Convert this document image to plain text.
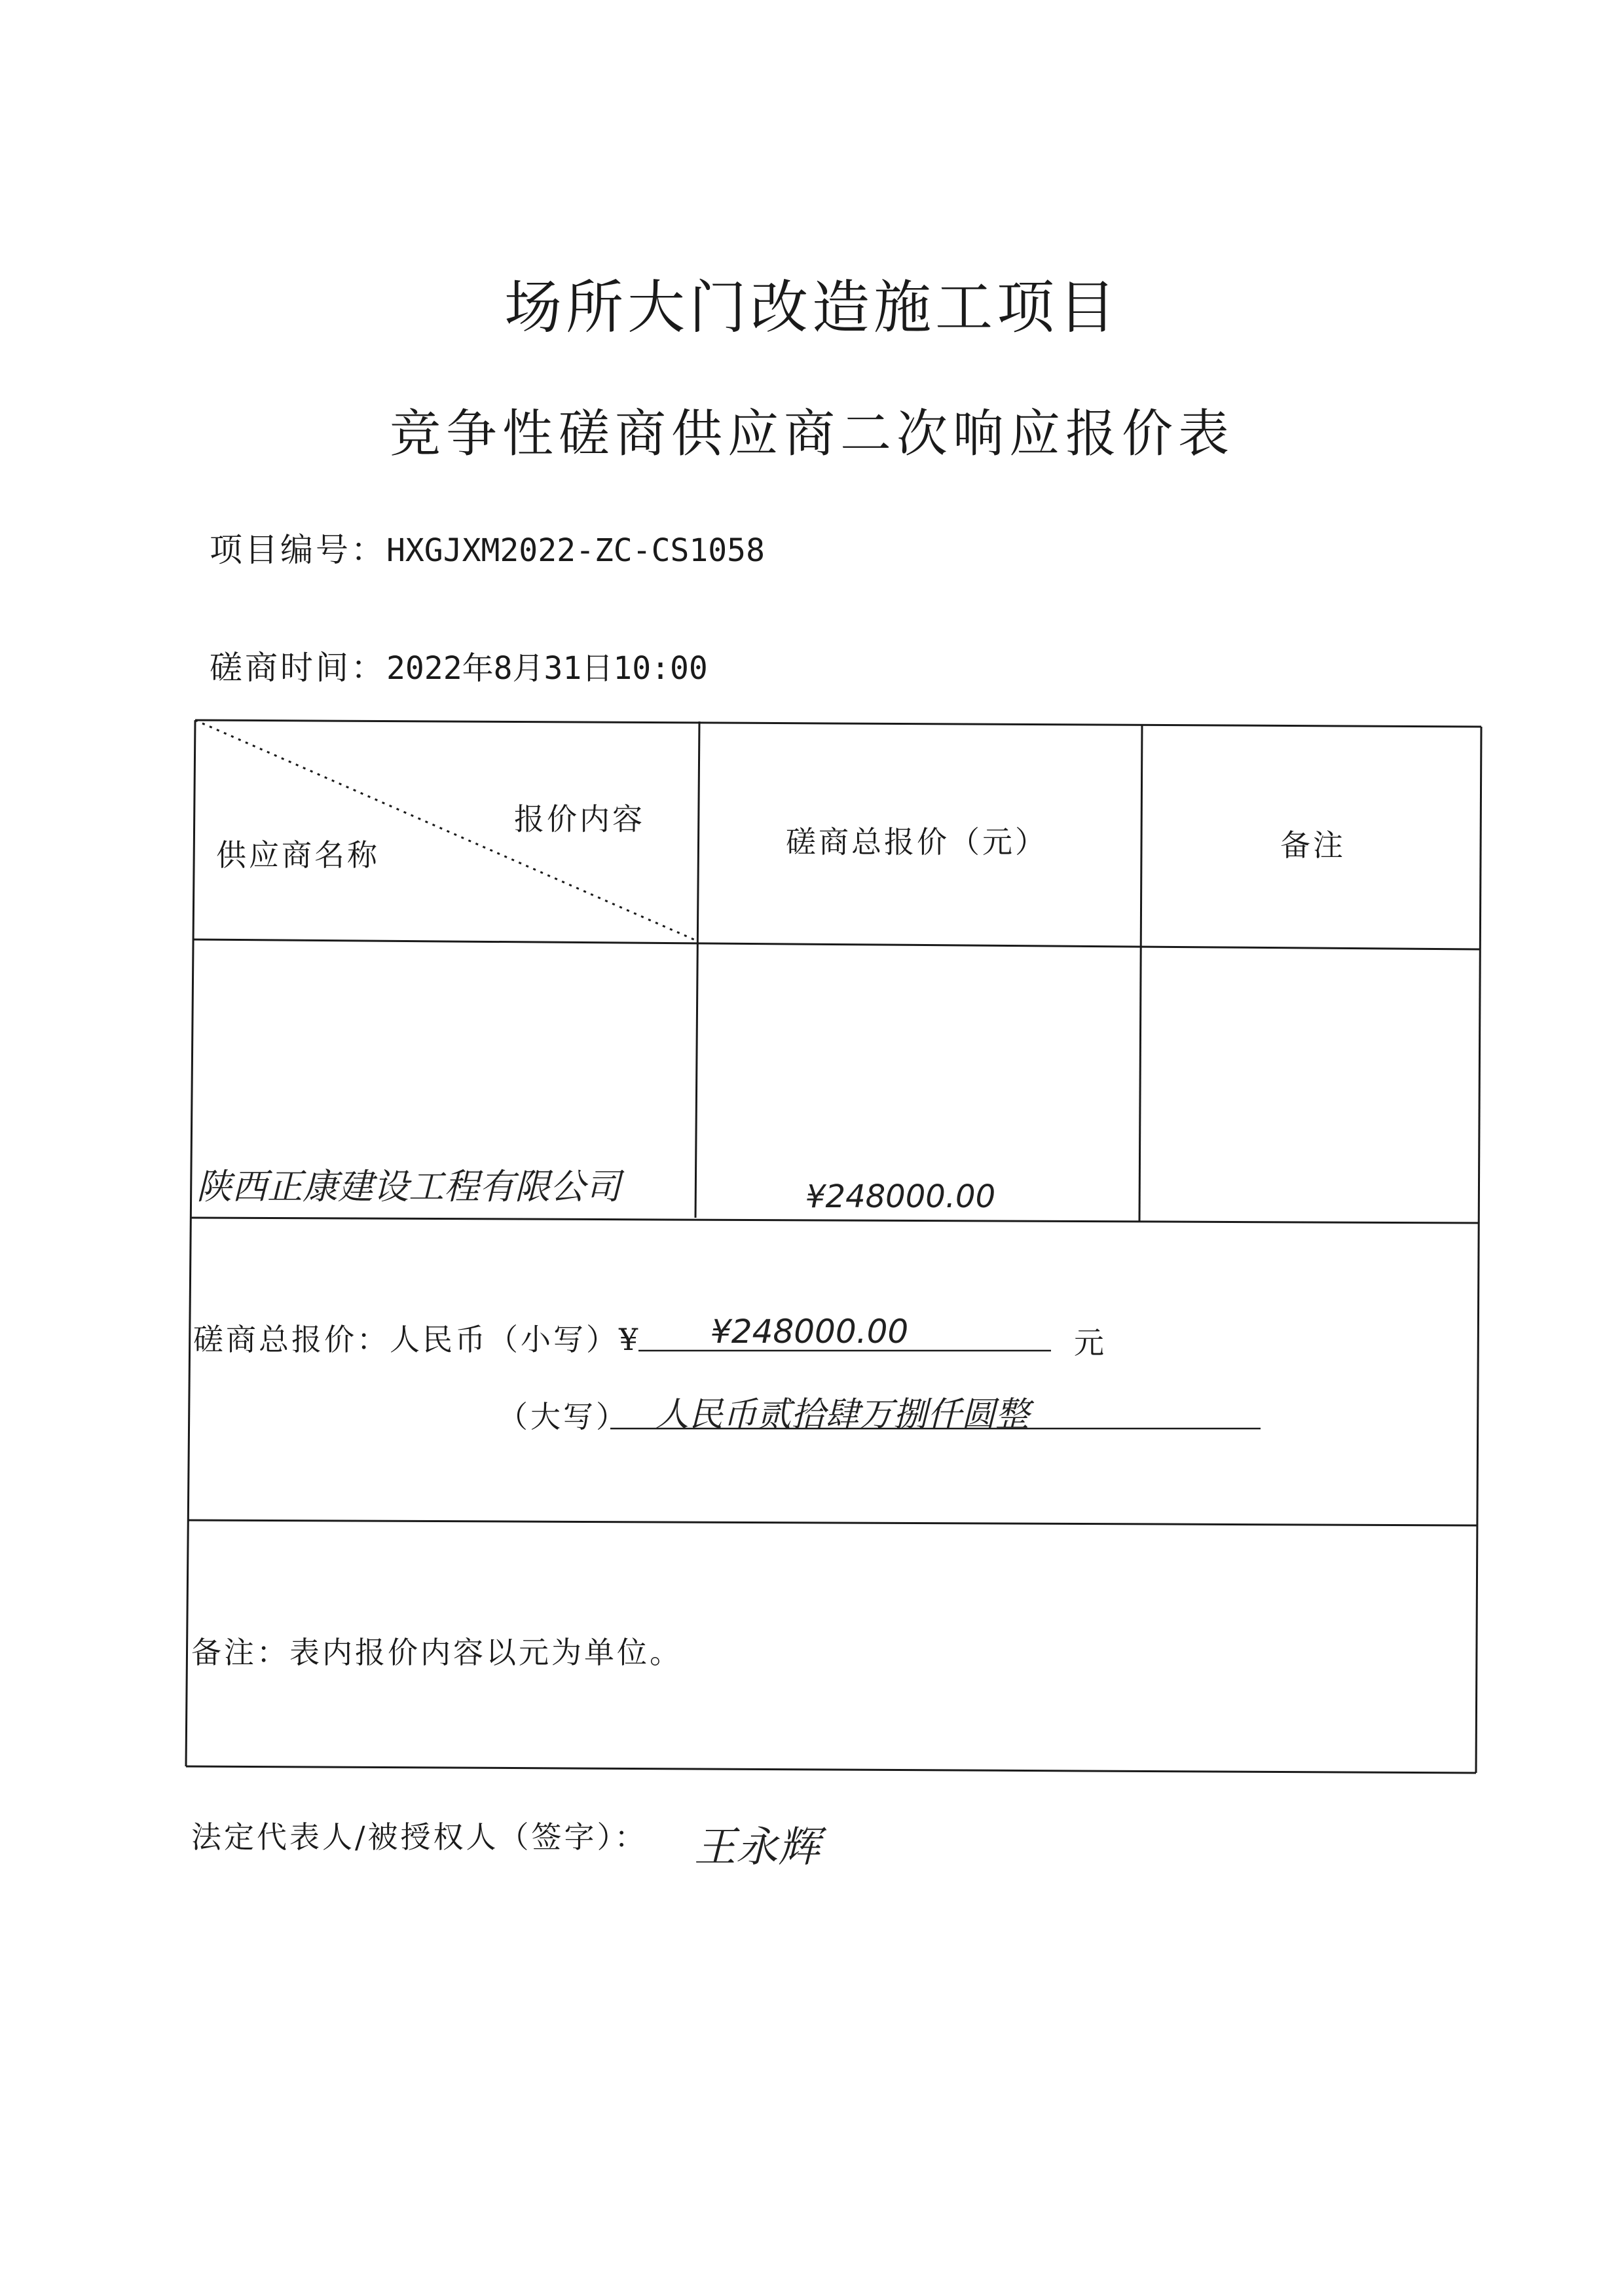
场所大门改造施工项目
竞争性磋商供应商二次响应报价表
项目编号：HXGJXM2022-ZC-CS1058
磋商时间：2022年8月31日10:00
报价内容
供应商名称	磋商总报价（元）	备注
陕西正康建设工程有限公司	¥248000.00
磋商总报价：人民币（小写）¥ ¥248000.00	元
（大写） 人民币贰拾肆万捌仟圆整
备注：表内报价内容以元为单位。
法定代表人/被授权人（签字）： 王永辉
